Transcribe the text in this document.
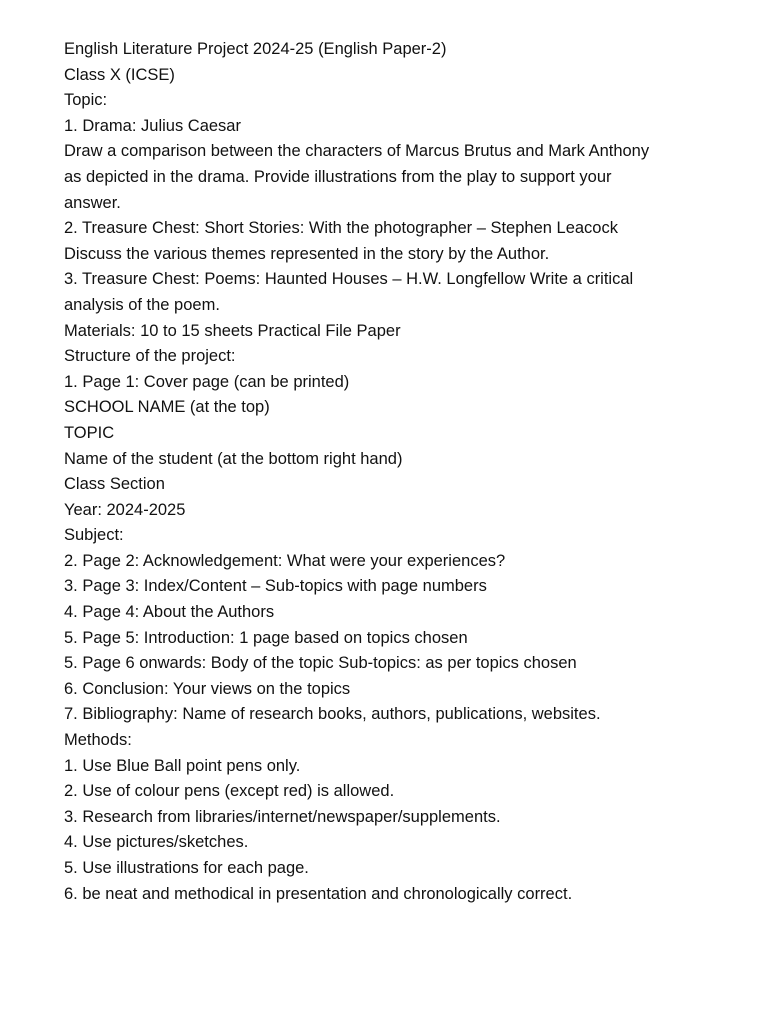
English Literature Project 2024-25 (English Paper-2)

Class X (ICSE)

Topic:

1. Drama: Julius Caesar

Draw a comparison between the characters of Marcus Brutus and Mark Anthony

as depicted in the drama. Provide illustrations from the play to support your

answer.

2. Treasure Chest: Short Stories: With the photographer – Stephen Leacock

Discuss the various themes represented in the story by the Author.

3. Treasure Chest: Poems: Haunted Houses – H.W. Longfellow Write a critical

analysis of the poem.

Materials: 10 to 15 sheets Practical File Paper

Structure of the project:

1. Page 1: Cover page (can be printed)

SCHOOL NAME (at the top)

TOPIC

Name of the student (at the bottom right hand)

Class Section

Year: 2024-2025

Subject:

2. Page 2: Acknowledgement: What were your experiences?

3. Page 3: Index/Content – Sub-topics with page numbers

4. Page 4: About the Authors

5. Page 5: Introduction: 1 page based on topics chosen

5. Page 6 onwards: Body of the topic Sub-topics: as per topics chosen

6. Conclusion: Your views on the topics

7. Bibliography: Name of research books, authors, publications, websites.

Methods:

1. Use Blue Ball point pens only.

2. Use of colour pens (except red) is allowed.

3. Research from libraries/internet/newspaper/supplements.

4. Use pictures/sketches.

5. Use illustrations for each page.

6. be neat and methodical in presentation and chronologically correct.
